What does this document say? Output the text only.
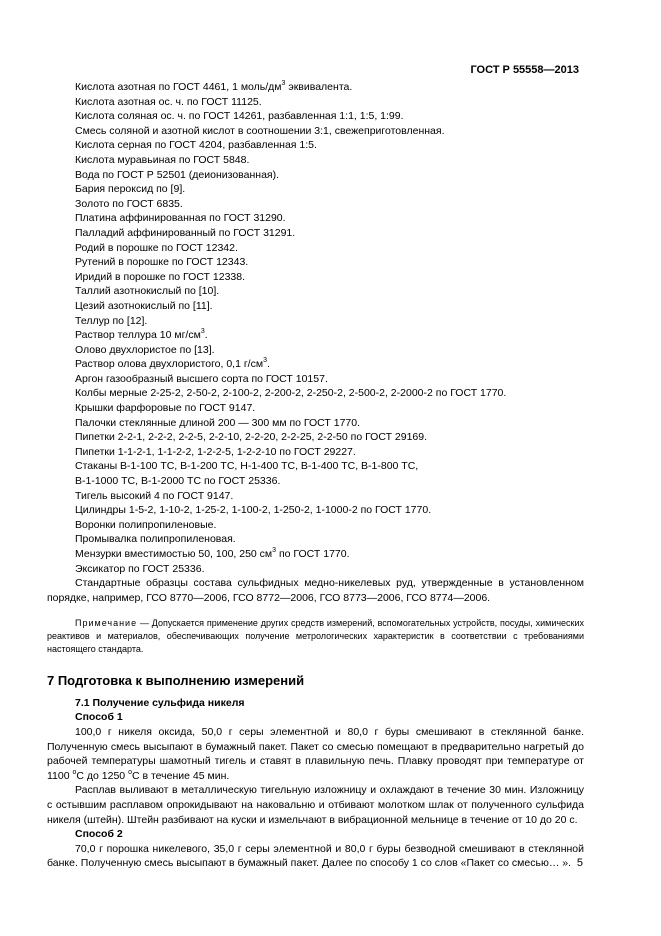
ГОСТ Р 55558—2013
Кислота азотная по ГОСТ 4461, 1 моль/$дм^3$ эквивалента.
Кислота азотная ос. ч. по ГОСТ 11125.
Кислота соляная ос. ч. по ГОСТ 14261, разбавленная 1:1, 1:5, 1:99.
Смесь соляной и азотной кислот в соотношении 3:1, свежеприготовленная.
Кислота серная по ГОСТ 4204, разбавленная 1:5.
Кислота муравьиная по ГОСТ 5848.
Вода по ГОСТ Р 52501 (деионизованная).
Бария пероксид по [9].
Золото по ГОСТ 6835.
Платина аффинированная по ГОСТ 31290.
Палладий аффинированный по ГОСТ 31291.
Родий в порошке по ГОСТ 12342.
Рутений в порошке по ГОСТ 12343.
Иридий в порошке по ГОСТ 12338.
Таллий азотнокислый по [10].
Цезий азотнокислый по [11].
Теллур по [12].
Раствор теллура 10 $мг/см^3$.
Олово двухлористое по [13].
Раствор олова двухлористого, 0,1 $г/см^3$.
Аргон газообразный высшего сорта по ГОСТ 10157.
Колбы мерные 2-25-2, 2-50-2, 2-100-2, 2-200-2, 2-250-2, 2-500-2, 2-2000-2 по ГОСТ 1770.
Крышки фарфоровые по ГОСТ 9147.
Палочки стеклянные длиной 200 — 300 мм по ГОСТ 1770.
Пипетки 2-2-1, 2-2-2, 2-2-5, 2-2-10, 2-2-20, 2-2-25, 2-2-50 по ГОСТ 29169.
Пипетки 1-1-2-1, 1-1-2-2, 1-2-2-5, 1-2-2-10 по ГОСТ 29227.
Стаканы В-1-100 ТС, В-1-200 ТС, Н-1-400 ТС, В-1-400 ТС, В-1-800 ТС,
В-1-1000 ТС, В-1-2000 ТС по ГОСТ 25336.
Тигель высокий 4 по ГОСТ 9147.
Цилиндры 1-5-2, 1-10-2, 1-25-2, 1-100-2, 1-250-2, 1-1000-2 по ГОСТ 1770.
Воронки полипропиленовые.
Промывалка полипропиленовая.
Мензурки вместимостью 50, 100, 250 $см^3$ по ГОСТ 1770.
Эксикатор по ГОСТ 25336.
Стандартные образцы состава сульфидных медно-никелевых руд, утвержденные в установленном порядке, например, ГСО 8770—2006, ГСО 8772—2006, ГСО 8773—2006, ГСО 8774—2006.
Примечание — Допускается применение других средств измерений, вспомогательных устройств, посуды, химических реактивов и материалов, обеспечивающих получение метрологических характеристик в соответствии с требованиями настоящего стандарта.
7 Подготовка к выполнению измерений
7.1 Получение сульфида никеля
Способ 1
100,0 г никеля оксида, 50,0 г серы элементной и 80,0 г буры смешивают в стеклянной банке. Полученную смесь высыпают в бумажный пакет. Пакет со смесью помещают в предварительно нагретый до рабочей температуры шамотный тигель и ставят в плавильную печь. Плавку проводят при температуре от 1100 $^о$С до 1250 $^о$С в течение 45 мин.
Расплав выливают в металлическую тигельную изложницу и охлаждают в течение 30 мин. Изложницу с остывшим расплавом опрокидывают на наковальню и отбивают молотком шлак от полученного сульфида никеля (штейн). Штейн разбивают на куски и измельчают в вибрационной мельнице в течение от 10 до 20 с.
Способ 2
70,0 г порошка никелевого, 35,0 г серы элементной и 80,0 г буры безводной смешивают в стеклянной банке. Полученную смесь высыпают в бумажный пакет. Далее по способу 1 со слов «Пакет со смесью… ». 5
